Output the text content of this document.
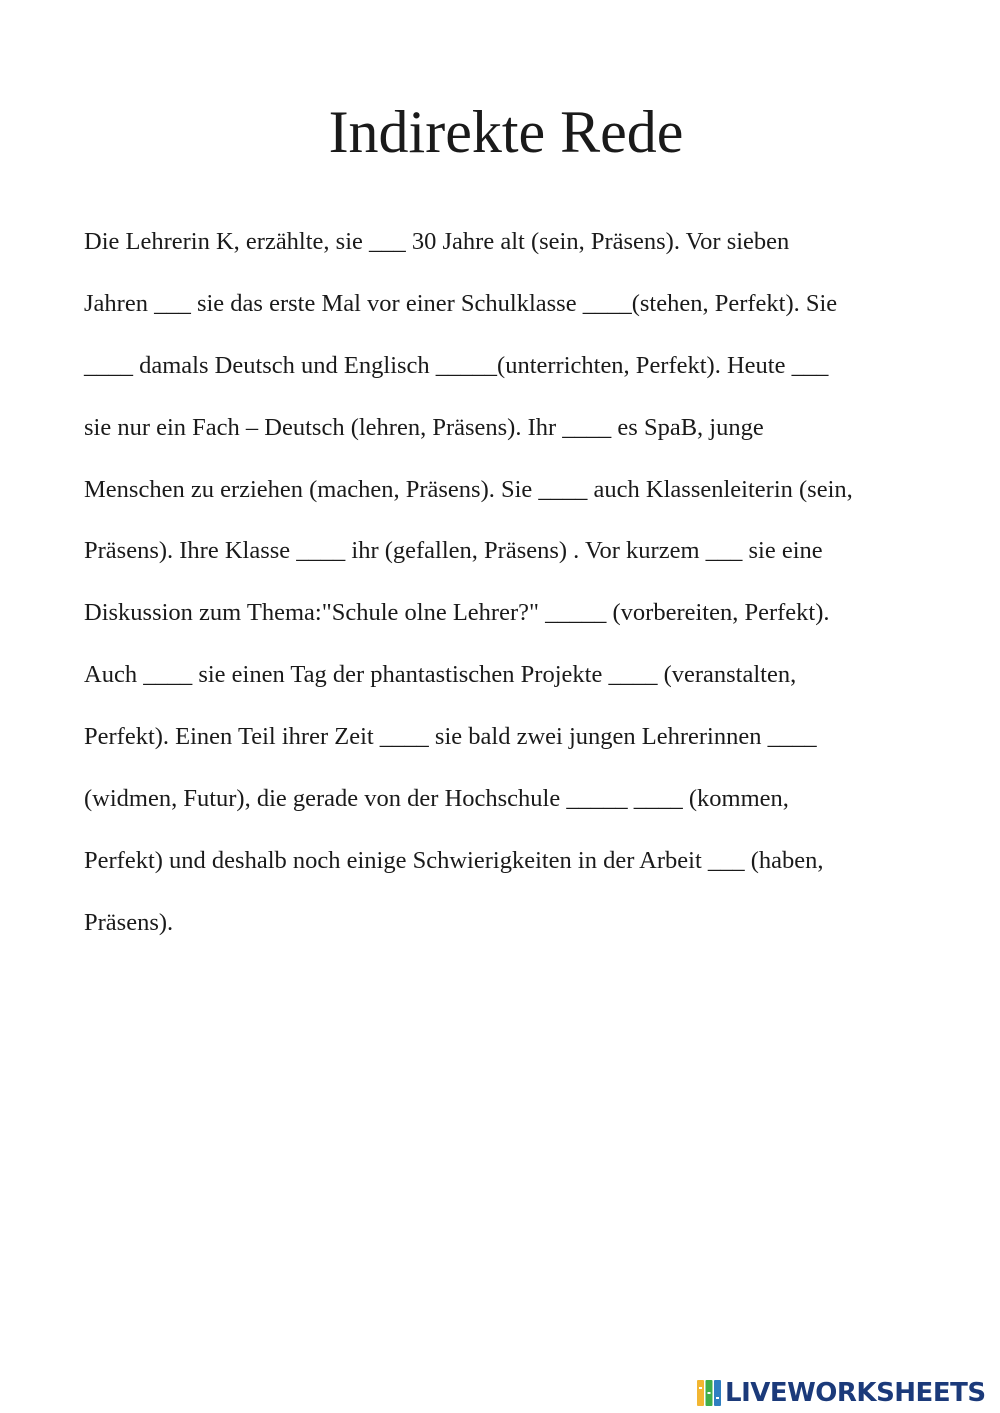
Indirekte Rede
Die Lehrerin K, erzählte, sie ___ 30 Jahre alt (sein, Präsens). Vor sieben
Jahren ___ sie das erste Mal vor einer Schulklasse ____(stehen, Perfekt). Sie
____ damals Deutsch und Englisch _____(unterrichten, Perfekt). Heute ___
sie nur ein Fach – Deutsch (lehren, Präsens). Ihr ____ es SpaB, junge
Menschen zu erziehen (machen, Präsens). Sie ____ auch Klassenleiterin (sein,
Präsens). Ihre Klasse ____ ihr (gefallen, Präsens) . Vor kurzem ___ sie eine
Diskussion zum Thema:"Schule olne Lehrer?" _____ (vorbereiten, Perfekt).
Auch ____ sie einen Tag der phantastischen Projekte ____ (veranstalten,
Perfekt). Einen Teil ihrer Zeit ____ sie bald zwei jungen Lehrerinnen ____
(widmen, Futur), die gerade von der Hochschule _____ ____ (kommen,
Perfekt) und deshalb noch einige Schwierigkeiten in der Arbeit ___ (haben,
Präsens).
LIVEWORKSHEETS
